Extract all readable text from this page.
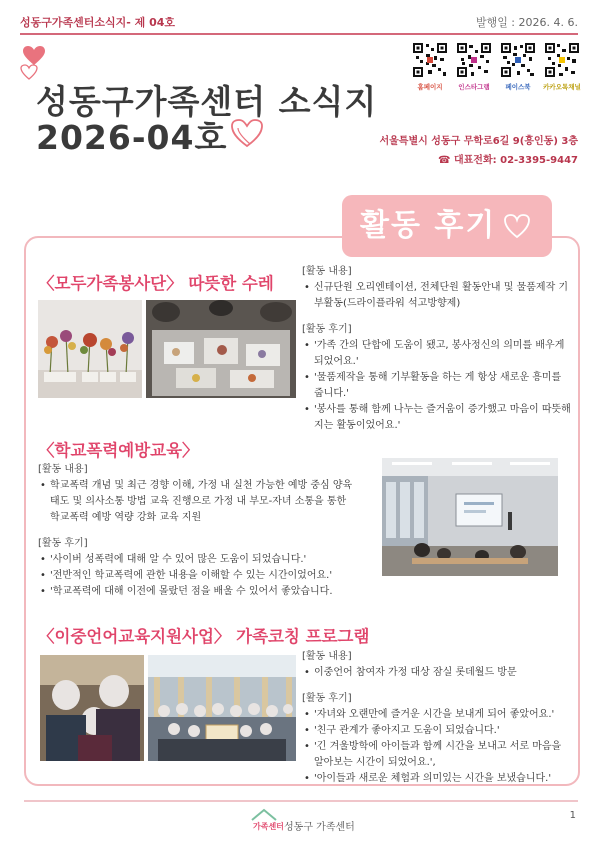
성동구가족센터소식지- 제 04호	발행일 : 2026. 4. 6.
성동구가족센터 소식지
2026-04호
홈페이지	인스타그램	페이스북	카카오톡채널
서울특별시 성동구 무학로6길 9(흥인동) 3층
☎ 대표전화: 02-3395-9447
활동 후기
〈모두가족봉사단〉 따뜻한 수레
[활동 내용]
• 신규단원 오리엔테이션, 전체단원 활동안내 및 물품제작 기부활동(드라이플라워 석고방향제)
[활동 후기]
• '가족 간의 단합에 도움이 됐고, 봉사정신의 의미를 배우게 되었어요.'
• '물품제작을 통해 기부활동을 하는 게 항상 새로운 흥미를 줍니다.'
• '봉사를 통해 함께 나누는 즐거움이 증가했고 마음이 따뜻해지는 활동이었어요.'
〈학교폭력예방교육〉
[활동 내용]
• 학교폭력 개념 및 최근 경향 이해, 가정 내 실천 가능한 예방 중심 양육 태도 및 의사소통 방법 교육 진행으로 가정 내 부모-자녀 소통을 통한 학교폭력 예방 역량 강화 교육 지원
[활동 후기]
• '사이버 성폭력에 대해 알 수 있어 많은 도움이 되었습니다.'
• '전반적인 학교폭력에 관한 내용을 이해할 수 있는 시간이었어요.'
• '학교폭력에 대해 이전에 몰랐던 점을 배울 수 있어서 좋았습니다.
〈이중언어교육지원사업〉 가족코칭 프로그램
[활동 내용]
• 이중언어 참여자 가정 대상 잠실 롯데월드 방문
[활동 후기]
• '자녀와 오랜만에 즐거운 시간을 보내게 되어 좋았어요.'
• '친구 관계가 좋아지고 도움이 되었습니다.'
• '긴 겨울방학에 아이들과 함께 시간을 보내고 서로 마음을 알아보는 시간이 되었어요.',
• '아이들과 새로운 체험과 의미있는 시간을 보냈습니다.'
가족센터 성동구 가족센터
1
